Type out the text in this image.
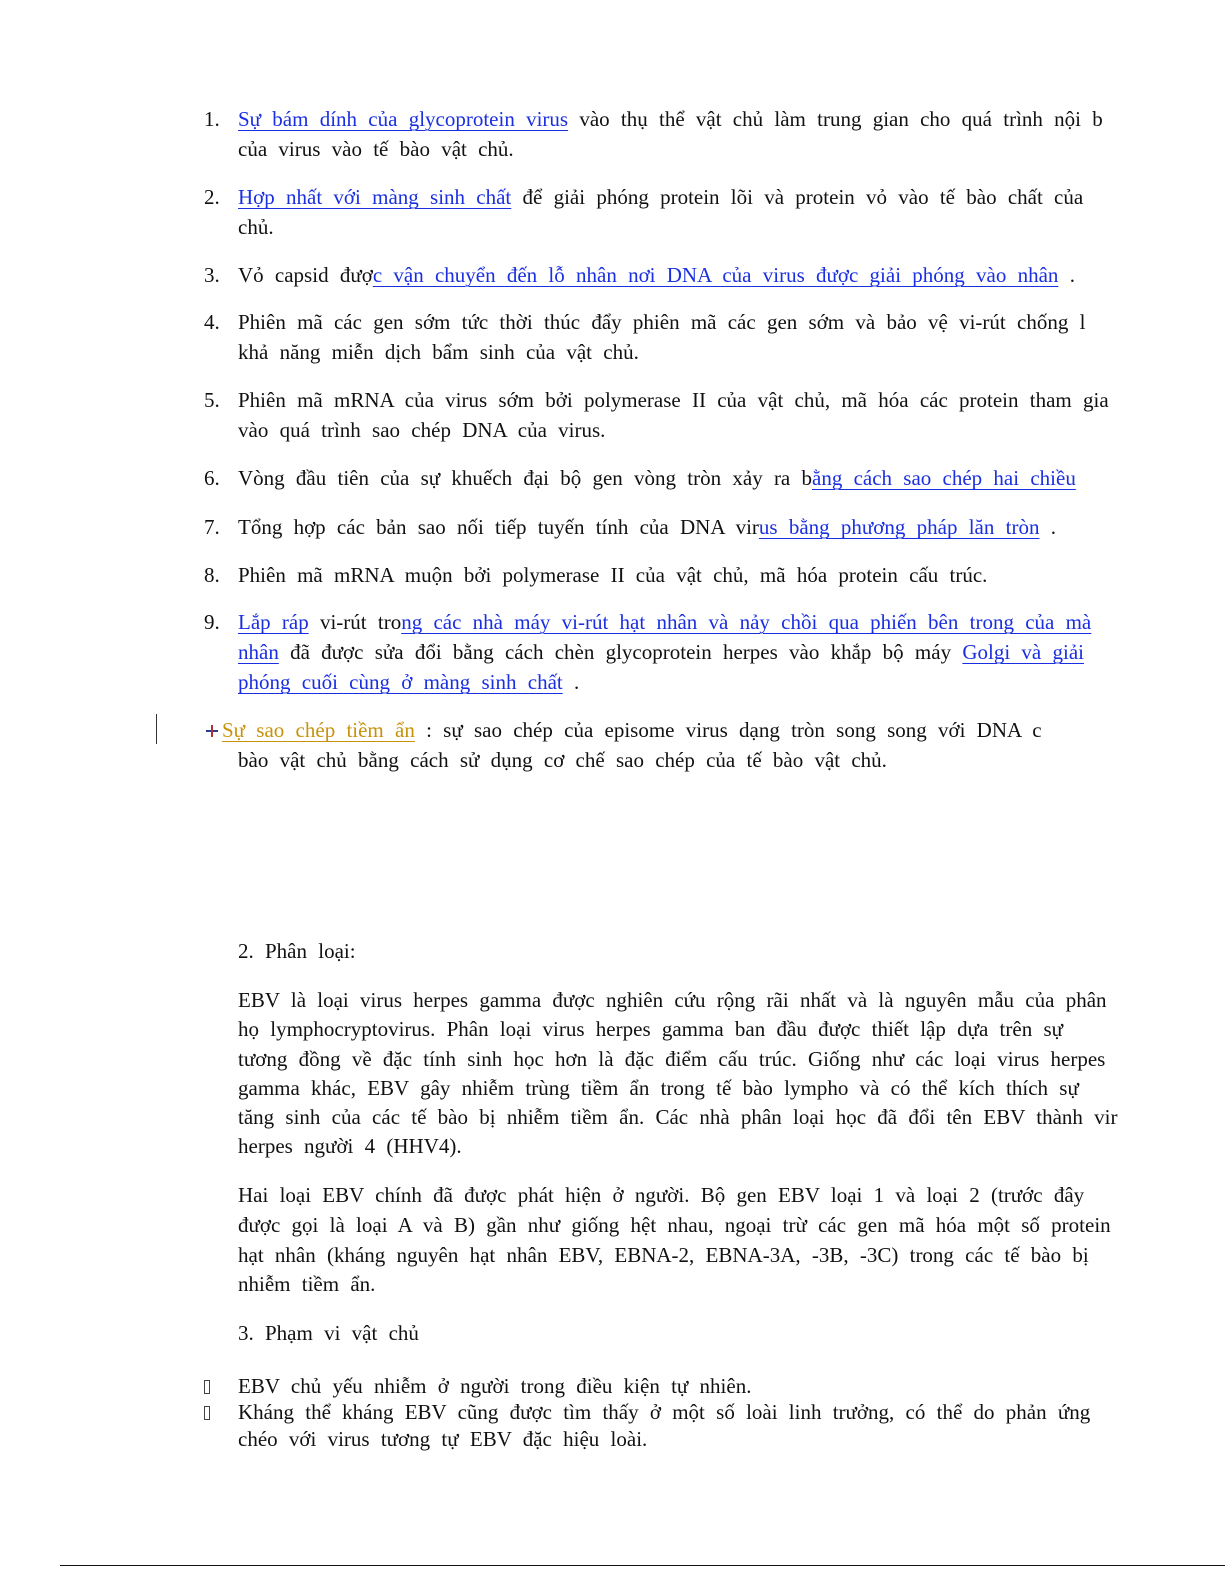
1. Sự bám dính của glycoprotein virus vào thụ thể vật chủ làm trung gian cho quá trình nội b
của virus vào tế bào vật chủ.
2. Hợp nhất với màng sinh chất để giải phóng protein lõi và protein vỏ vào tế bào chất của
chủ.
3. Vỏ capsid được vận chuyển đến lỗ nhân nơi DNA của virus được giải phóng vào nhân .
4. Phiên mã các gen sớm tức thời thúc đẩy phiên mã các gen sớm và bảo vệ vi-rút chống l
khả năng miễn dịch bẩm sinh của vật chủ.
5. Phiên mã mRNA của virus sớm bởi polymerase II của vật chủ, mã hóa các protein tham gia
vào quá trình sao chép DNA của virus.
6. Vòng đầu tiên của sự khuếch đại bộ gen vòng tròn xảy ra bằng cách sao chép hai chiều
7. Tổng hợp các bản sao nối tiếp tuyến tính của DNA virus bằng phương pháp lăn tròn .
8. Phiên mã mRNA muộn bởi polymerase II của vật chủ, mã hóa protein cấu trúc.
9. Lắp ráp vi-rút trong các nhà máy vi-rút hạt nhân và nảy chồi qua phiến bên trong của mà
nhân đã được sửa đổi bằng cách chèn glycoprotein herpes vào khắp bộ máy Golgi và giải
phóng cuối cùng ở màng sinh chất .
Sự sao chép tiềm ẩn : sự sao chép của episome virus dạng tròn song song với DNA c
bào vật chủ bằng cách sử dụng cơ chế sao chép của tế bào vật chủ.
2. Phân loại:
EBV là loại virus herpes gamma được nghiên cứu rộng rãi nhất và là nguyên mẫu của phân
họ lymphocryptovirus. Phân loại virus herpes gamma ban đầu được thiết lập dựa trên sự
tương đồng về đặc tính sinh học hơn là đặc điểm cấu trúc. Giống như các loại virus herpes
gamma khác, EBV gây nhiễm trùng tiềm ẩn trong tế bào lympho và có thể kích thích sự
tăng sinh của các tế bào bị nhiễm tiềm ẩn. Các nhà phân loại học đã đổi tên EBV thành vir
herpes người 4 (HHV4).
Hai loại EBV chính đã được phát hiện ở người. Bộ gen EBV loại 1 và loại 2 (trước đây
được gọi là loại A và B) gần như giống hệt nhau, ngoại trừ các gen mã hóa một số protein
hạt nhân (kháng nguyên hạt nhân EBV, EBNA-2, EBNA-3A, -3B, -3C) trong các tế bào bị
nhiễm tiềm ẩn.
3. Phạm vi vật chủ
EBV chủ yếu nhiễm ở người trong điều kiện tự nhiên.
Kháng thể kháng EBV cũng được tìm thấy ở một số loài linh trưởng, có thể do phản ứng
chéo với virus tương tự EBV đặc hiệu loài.
